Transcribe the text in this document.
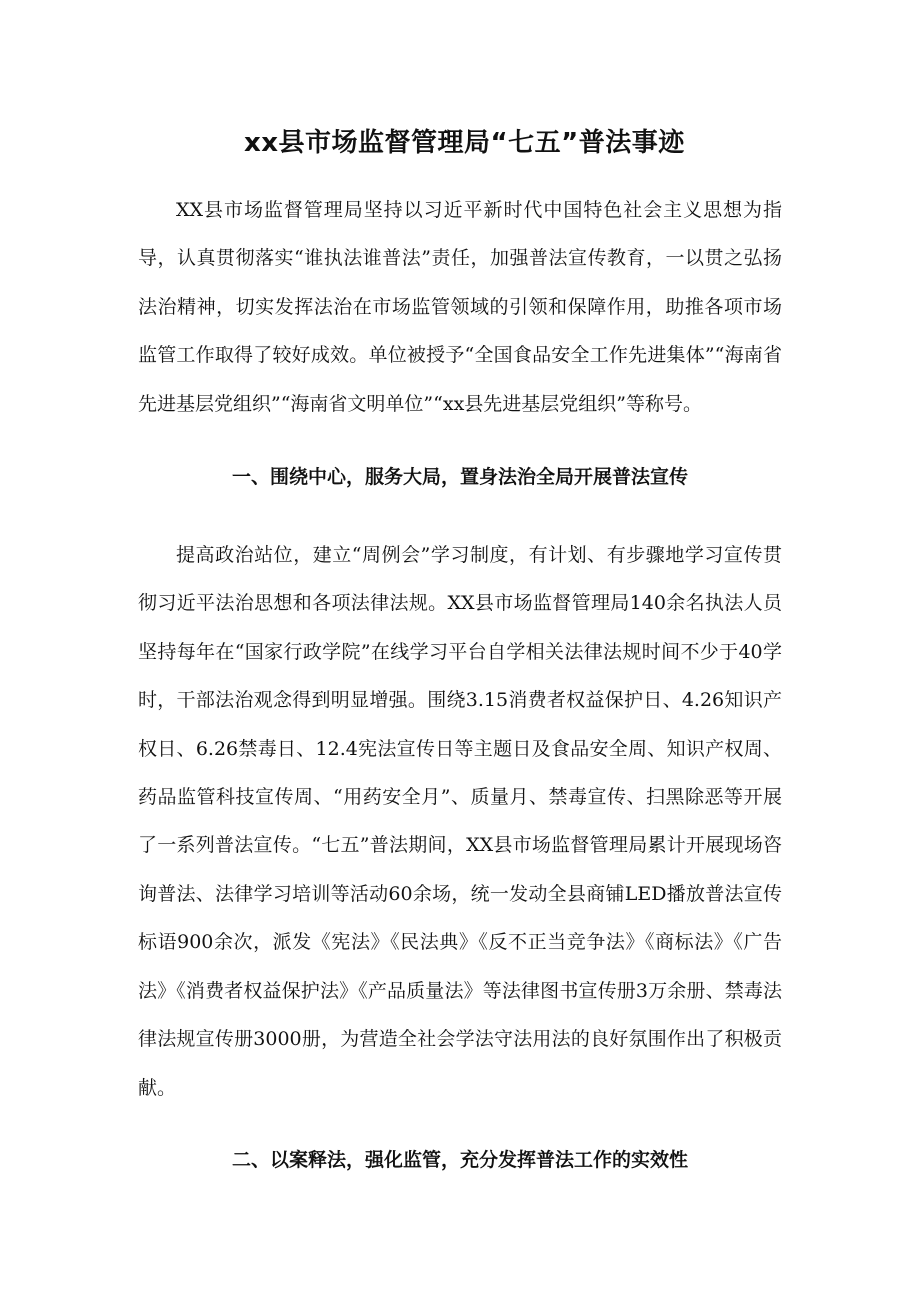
xx县市场监督管理局“七五”普法事迹

XX县市场监督管理局坚持以习近平新时代中国特色社会主义思想为指导，认真贯彻落实“谁执法谁普法”责任，加强普法宣传教育，一以贯之弘扬法治精神，切实发挥法治在市场监管领域的引领和保障作用，助推各项市场监管工作取得了较好成效。单位被授予“全国食品安全工作先进集体”“海南省先进基层党组织”“海南省文明单位”“xx县先进基层党组织”等称号。

一、围绕中心，服务大局，置身法治全局开展普法宣传

提高政治站位，建立“周例会”学习制度，有计划、有步骤地学习宣传贯彻习近平法治思想和各项法律法规。XX县市场监督管理局140余名执法人员坚持每年在“国家行政学院”在线学习平台自学相关法律法规时间不少于40学时，干部法治观念得到明显增强。围绕3.15消费者权益保护日、4.26知识产权日、6.26禁毒日、12.4宪法宣传日等主题日及食品安全周、知识产权周、药品监管科技宣传周、“用药安全月”、质量月、禁毒宣传、扫黑除恶等开展了一系列普法宣传。“七五”普法期间，XX县市场监督管理局累计开展现场咨询普法、法律学习培训等活动60余场，统一发动全县商铺LED播放普法宣传标语900余次，派发《宪法》《民法典》《反不正当竞争法》《商标法》《广告法》《消费者权益保护法》《产品质量法》等法律图书宣传册3万余册、禁毒法律法规宣传册3000册，为营造全社会学法守法用法的良好氛围作出了积极贡献。

二、以案释法，强化监管，充分发挥普法工作的实效性
